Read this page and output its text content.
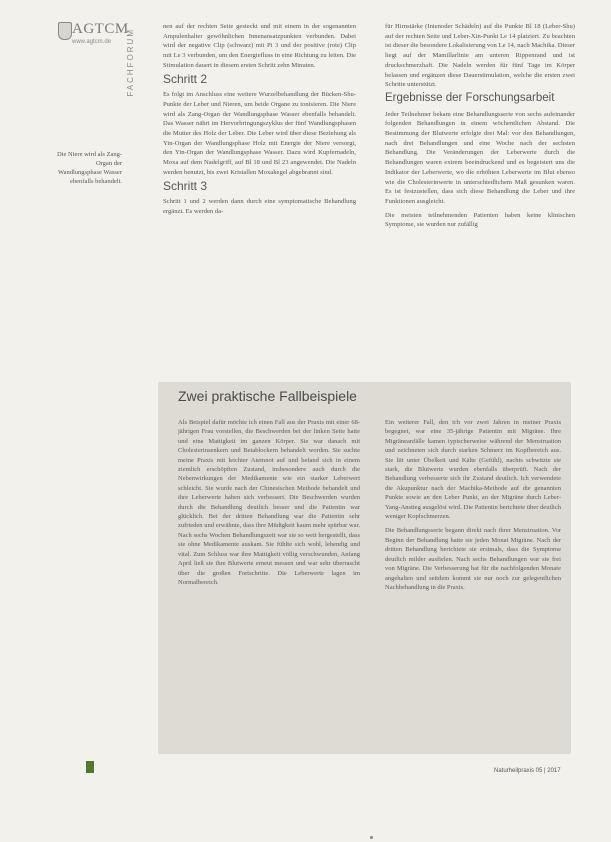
AGTCM
www.agtcm.de FACHFORUM
Die Niere wird als Zang-Organ der Wandlungsphase Wasser ebenfalls behandelt.

nen auf der rechten Seite gesteckt und mit einem in der sogenannten Ampulenhalter gewöhnlichen Innenansatzpunkten verbunden. Dabei wird der negative Clip (schwarz) mit Pi 3 und der positive (rote) Clip mit Le 3 verbunden, um den Energiefluss in eine Richtung zu leiten. Die Stimulation dauert in diesem ersten Schritt zehn Minuten.

Schritt 2

Es folgt im Anschluss eine weitere Wurzelbehandlung der Bücken-Shu-Punkte der Leber und Nieren, um beide Organe zu tonisieren. Die Niere wird als Zang-Organ der Wandlungsphase Wasser ebenfalls behandelt. Das Wasser nährt im Hervorbringungszyklus der fünf Wandlungsphasen die Mutter des Holz der Leber. Die Leber wird über diese Beziehung als Yin-Organ der Wandlungsphase Holz mit Energie der Niere versorgt, den Yin-Organ der Wandlungsphase Wasser. Dazu wird Kupfernadeln, Moxa auf dem Nadelgriff, auf Bl 18 und Bl 23 angewendet. Die Nadeln werden benutzt, bis zwei Kristallen Moxakegel abgebrannt sind.

Schritt 3

Schritt 1 und 2 werden dann durch eine symptomatische Behandlung ergänzt. Es werden da-

für Hirnstärke (Intenoder Schädeln) auf die Punkte Bl 18 (Leber-Shu) auf der rechten Seite und Leber-Xin-Punkt Le 14 platziert. Zu beachten ist dieser die besondere Lokalisierung von Le 14, nach Machika. Dieser liegt auf der Mamillarlinie am unteren Rippenrand und ist druckschmerzhaft. Die Nadeln werden für fünf Tage im Körper belassen und ergänzen diese Dauerstimulation, welche die ersten zwei Schritte unterstützt.

Ergebnisse der Forschungsarbeit

Jeder Teilnehmer bekam eine Behandlungsserie von sechs aufeinander folgenden Behandlungen in einem wöchentlichen Abstand. Die Bestimmung der Blutwerte erfolgte drei Mal: vor den Behandlungen, nach drei Behandlungen und eine Woche nach der sechsten Behandlung. Die Veränderungen der Leberwerte durch die Behandlungen waren extrem beeindruckend und es begeistert uns die Indikator der Leberwerte, wo die erhöhten Leberwerte im Blut ebenso wie die Cholesterinwerte in unterschiedlichem Maß gesunken waren. Es ist festzustellen, dass sich diese Behandlung die Leber und ihre Funktionen ausgleicht.

Die meisten teilnehmenden Patienten haben keine klinischen Symptome, sie wurden nur zufällig

Zwei praktische Fallbeispiele

Als Beispiel dafür möchte ich einen Fall aus der Praxis mit einer 68-jährigen Frau vorstellen, die Beschwerden bei der linken Seite hatte und eine Mattigkeit im ganzen Körper. Sie war danach mit Cholesterinsenkern und Betablockern behandelt worden. Sie suchte meine Praxis mit leichter Atemnot auf und befand sich in einem ziemlich erschöpften Zustand, insbesondere auch durch die Nebenwirkungen der Medikamente wie ein starker Leberwert schleicht. Sie wurde nach der Chinesischen Methode behandelt und ihre Leberwerte haben sich verbessert. Die Beschwerden wurden durch die Behandlung deutlich besser und die Patientin war glücklich. Bei der dritten Behandlung war die Patientin sehr zufrieden und erwähnte, dass ihre Müdigkeit kaum mehr spürbar war. Nach sechs Wochen Behandlungszeit war sie so weit hergestellt, dass sie ohne Medikamente auskam. Sie fühlte sich wohl, lebendig und vital. Zum Schluss war ihre Mattigkeit völlig verschwunden, Anfang April ließ sie ihre Blutwerte erneut messen und war sehr überrascht über die großen Fortschritte. Die Leberwerte lagen im Normalbereich.

Ein weiterer Fall, den ich vor zwei Jahren in meiner Praxis begegnet, war eine 35-jährige Patientin mit Migräne. Ihre Migräneanfälle kamen typischerweise während der Menstruation und zeichneten sich durch starken Schmerz im Kopfbereich aus. Sie litt unter Übelkeit und Kälte (Gefühl), nachts schwitzte sie stark, die Blutwerte wurden ebenfalls überprüft. Nach der Behandlung verbesserte sich ihr Zustand deutlich. Ich verwendete die Akupunktur nach der Machika-Methode auf die genannten Punkte sowie an den Leber Punkt, an der Migräne durch Leber-Yang-Anstieg ausgelöst wird. Die Patientin berichtete über deutlich weniger Kopfschmerzen.

Die Behandlungsserie begann direkt nach ihrer Menstruation. Vor Beginn der Behandlung hatte sie jeden Monat Migräne. Nach der dritten Behandlung berichtete sie erstmals, dass die Symptome deutlich milder ausfielen. Nach sechs Behandlungen war sie frei von Migräne. Die Verbesserung hat für die nachfolgenden Monate angehalten und seitdem kommt sie nur noch zur gelegentlichen Nachbehandlung in die Praxis.

Naturheilpraxis 05 | 2017
